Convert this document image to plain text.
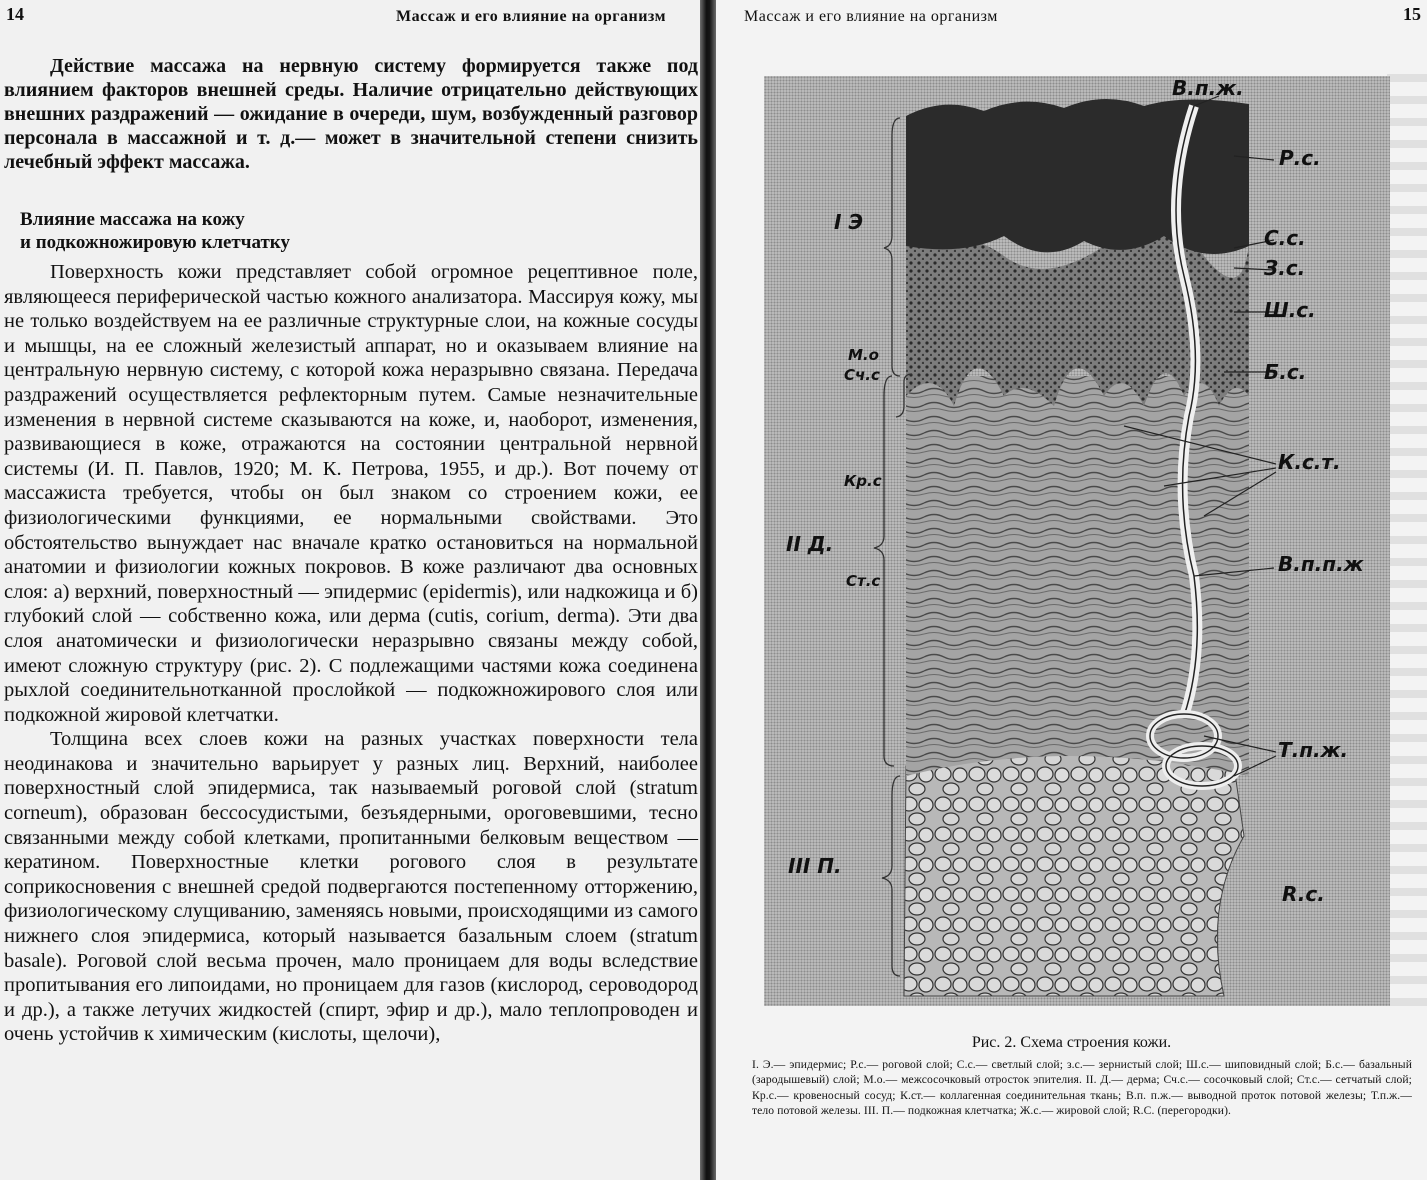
14	Массаж и его влияние на организм

Действие массажа на нервную систему формируется также под влиянием факторов внешней среды. Наличие отрицательно действующих внешних раздражений — ожидание в очереди, шум, возбужденный разговор персонала в массажной и т. д.— может в значительной степени снизить лечебный эффект массажа.

Влияние массажа на кожу
и подкожножировую клетчатку

Поверхность кожи представляет собой огромное рецептивное поле, являющееся периферической частью кожного анализатора. Массируя кожу, мы не только воздействуем на ее различные структурные слои, на кожные сосуды и мышцы, на ее сложный железистый аппарат, но и оказываем влияние на центральную нервную систему, с которой кожа неразрывно связана. Передача раздражений осуществляется рефлекторным путем. Самые незначительные изменения в нервной системе сказываются на коже, и, наоборот, изменения, развивающиеся в коже, отражаются на состоянии центральной нервной системы (И. П. Павлов, 1920; М. К. Петрова, 1955, и др.). Вот почему от массажиста требуется, чтобы он был знаком со строением кожи, ее физиологическими функциями, ее нормальными свойствами. Это обстоятельство вынуждает нас вначале кратко остановиться на нормальной анатомии и физиологии кожных покровов. В коже различают два основных слоя: а) верхний, поверхностный — эпидермис (epidermis), или надкожица и б) глубокий слой — собственно кожа, или дерма (cutis, corium, derma). Эти два слоя анатомически и физиологически неразрывно связаны между собой, имеют сложную структуру (рис. 2). С подлежащими частями кожа соединена рыхлой соединительнотканной прослойкой — подкожножирового слоя или подкожной жировой клетчатки.

Толщина всех слоев кожи на разных участках поверхности тела неодинакова и значительно варьирует у разных лиц. Верхний, наиболее поверхностный слой эпидермиса, так называемый роговой слой (stratum corneum), образован бессосудистыми, безъядерными, ороговевшими, тесно связанными между собой клетками, пропитанными белковым веществом — кератином. Поверхностные клетки рогового слоя в результате соприкосновения с внешней средой подвергаются постепенному отторжению, физиологическому слущиванию, заменяясь новыми, происходящими из самого нижнего слоя эпидермиса, который называется базальным слоем (stratum basale). Роговой слой весьма прочен, мало проницаем для воды вследствие пропитывания его липоидами, но проницаем для газов (кислород, сероводород и др.), а также летучих жидкостей (спирт, эфир и др.), мало теплопроводен и очень устойчив к химическим (кислоты, щелочи),

Массаж и его влияние на организм	15
В.п.ж.
Р.с.
С.с.
З.с.
Ш.с.
Б.с.
I Э
М.о
Сч.с
Кр.с
К.с.т.
II Д.
Ст.с
В.п.п.ж
Т.п.ж.
III П.
R.c.
Рис. 2. Схема строения кожи.
I. Э.— эпидермис; Р.с.— роговой слой; С.с.— светлый слой; з.с.— зернистый слой; Ш.с.— шиповидный слой; Б.с.— базальный (зародышевый) слой; М.о.— межсосочковый отросток эпителия. II. Д.— дерма; Сч.с.— сосочковый слой; Ст.с.— сетчатый слой; Кр.с.— кровеносный сосуд; К.ст.— коллагенная соединительная ткань; В.п. п.ж.— выводной проток потовой железы; Т.п.ж.— тело потовой железы. III. П.— подкожная клетчатка; Ж.с.— жировой слой; R.C. (перегородки).
